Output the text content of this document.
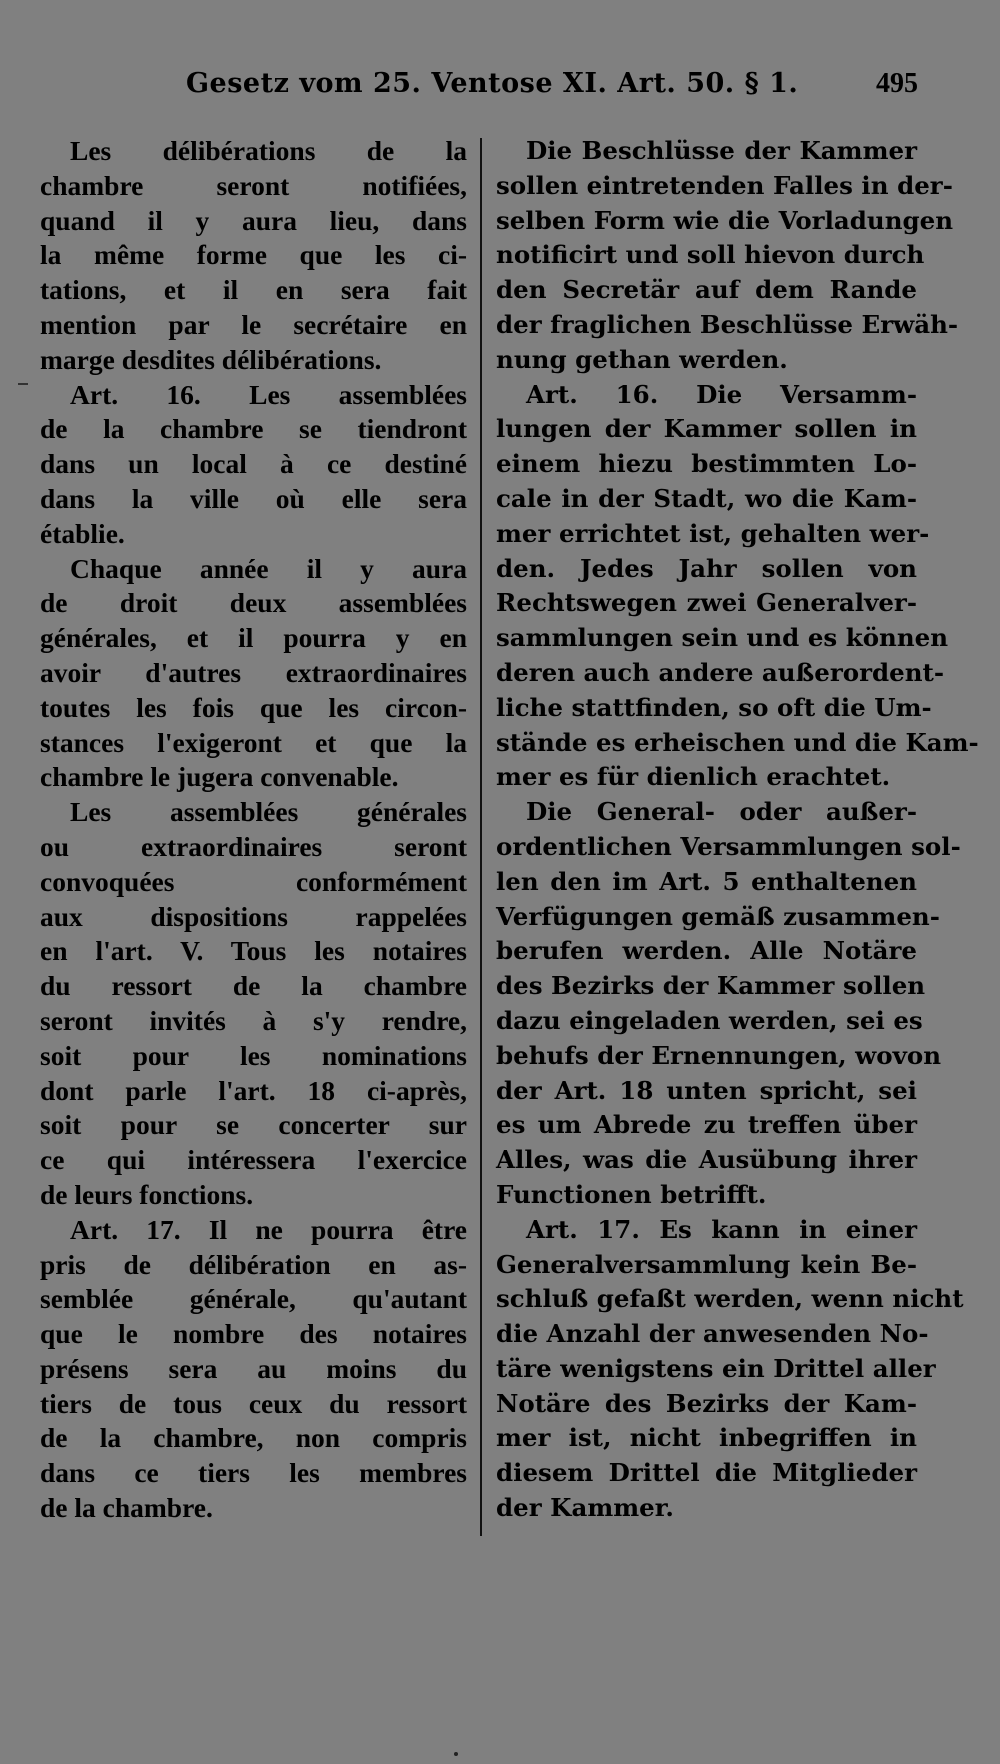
Gesetz vom 25. Ventose XI. Art. 50. § 1.	495
Les délibérations de la
chambre seront notifiées,
quand il y aura lieu, dans
la même forme que les ci-
tations, et il en sera fait
mention par le secrétaire en
marge desdites délibérations.
Art. 16. Les assemblées
de la chambre se tiendront
dans un local à ce destiné
dans la ville où elle sera
établie.
Chaque année il y aura
de droit deux assemblées
générales, et il pourra y en
avoir d'autres extraordinaires
toutes les fois que les circon-
stances l'exigeront et que la
chambre le jugera convenable.
Les assemblées générales
ou extraordinaires seront
convoquées conformément
aux dispositions rappelées
en l'art. V. Tous les notaires
du ressort de la chambre
seront invités à s'y rendre,
soit pour les nominations
dont parle l'art. 18 ci-après,
soit pour se concerter sur
ce qui intéressera l'exercice
de leurs fonctions.
Art. 17. Il ne pourra être
pris de délibération en as-
semblée générale, qu'autant
que le nombre des notaires
présens sera au moins du
tiers de tous ceux du ressort
de la chambre, non compris
dans ce tiers les membres
de la chambre.
Die Beschlüsse der Kammer
sollen eintretenden Falles in der-
selben Form wie die Vorladungen
notificirt und soll hievon durch
den Secretär auf dem Rande
der fraglichen Beschlüsse Erwäh-
nung gethan werden.
Art. 16. Die Versamm-
lungen der Kammer sollen in
einem hiezu bestimmten Lo-
cale in der Stadt, wo die Kam-
mer errichtet ist, gehalten wer-
den. Jedes Jahr sollen von
Rechtswegen zwei Generalver-
sammlungen sein und es können
deren auch andere außerordent-
liche stattfinden, so oft die Um-
stände es erheischen und die Kam-
mer es für dienlich erachtet.
Die General- oder außer-
ordentlichen Versammlungen sol-
len den im Art. 5 enthaltenen
Verfügungen gemäß zusammen-
berufen werden. Alle Notäre
des Bezirks der Kammer sollen
dazu eingeladen werden, sei es
behufs der Ernennungen, wovon
der Art. 18 unten spricht, sei
es um Abrede zu treffen über
Alles, was die Ausübung ihrer
Functionen betrifft.
Art. 17. Es kann in einer
Generalversammlung kein Be-
schluß gefaßt werden, wenn nicht
die Anzahl der anwesenden No-
täre wenigstens ein Drittel aller
Notäre des Bezirks der Kam-
mer ist, nicht inbegriffen in
diesem Drittel die Mitglieder
der Kammer.
